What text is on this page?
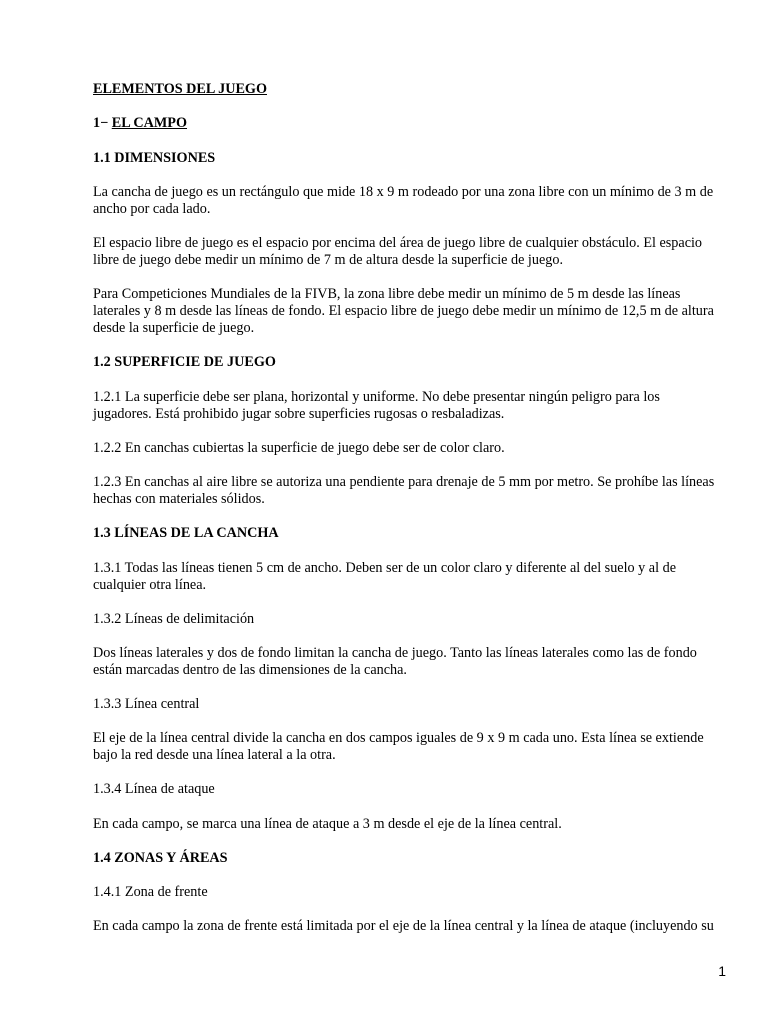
ELEMENTOS DEL JUEGO

1− EL CAMPO

1.1 DIMENSIONES

La cancha de juego es un rectángulo que mide 18 x 9 m rodeado por una zona libre con un mínimo de 3 m de

ancho por cada lado.

El espacio libre de juego es el espacio por encima del área de juego libre de cualquier obstáculo. El espacio

libre de juego debe medir un mínimo de 7 m de altura desde la superficie de juego.

Para Competiciones Mundiales de la FIVB, la zona libre debe medir un mínimo de 5 m desde las líneas

laterales y 8 m desde las líneas de fondo. El espacio libre de juego debe medir un mínimo de 12,5 m de altura

desde la superficie de juego.

1.2 SUPERFICIE DE JUEGO

1.2.1 La superficie debe ser plana, horizontal y uniforme. No debe presentar ningún peligro para los

jugadores. Está prohibido jugar sobre superficies rugosas o resbaladizas.

1.2.2 En canchas cubiertas la superficie de juego debe ser de color claro.

1.2.3 En canchas al aire libre se autoriza una pendiente para drenaje de 5 mm por metro. Se prohíbe las líneas

hechas con materiales sólidos.

1.3 LÍNEAS DE LA CANCHA

1.3.1 Todas las líneas tienen 5 cm de ancho. Deben ser de un color claro y diferente al del suelo y al de

cualquier otra línea.

1.3.2 Líneas de delimitación

Dos líneas laterales y dos de fondo limitan la cancha de juego. Tanto las líneas laterales como las de fondo

están marcadas dentro de las dimensiones de la cancha.

1.3.3 Línea central

El eje de la línea central divide la cancha en dos campos iguales de 9 x 9 m cada uno. Esta línea se extiende

bajo la red desde una línea lateral a la otra.

1.3.4 Línea de ataque

En cada campo, se marca una línea de ataque a 3 m desde el eje de la línea central.

1.4 ZONAS Y ÁREAS

1.4.1 Zona de frente

En cada campo la zona de frente está limitada por el eje de la línea central y la línea de ataque (incluyendo su

1
